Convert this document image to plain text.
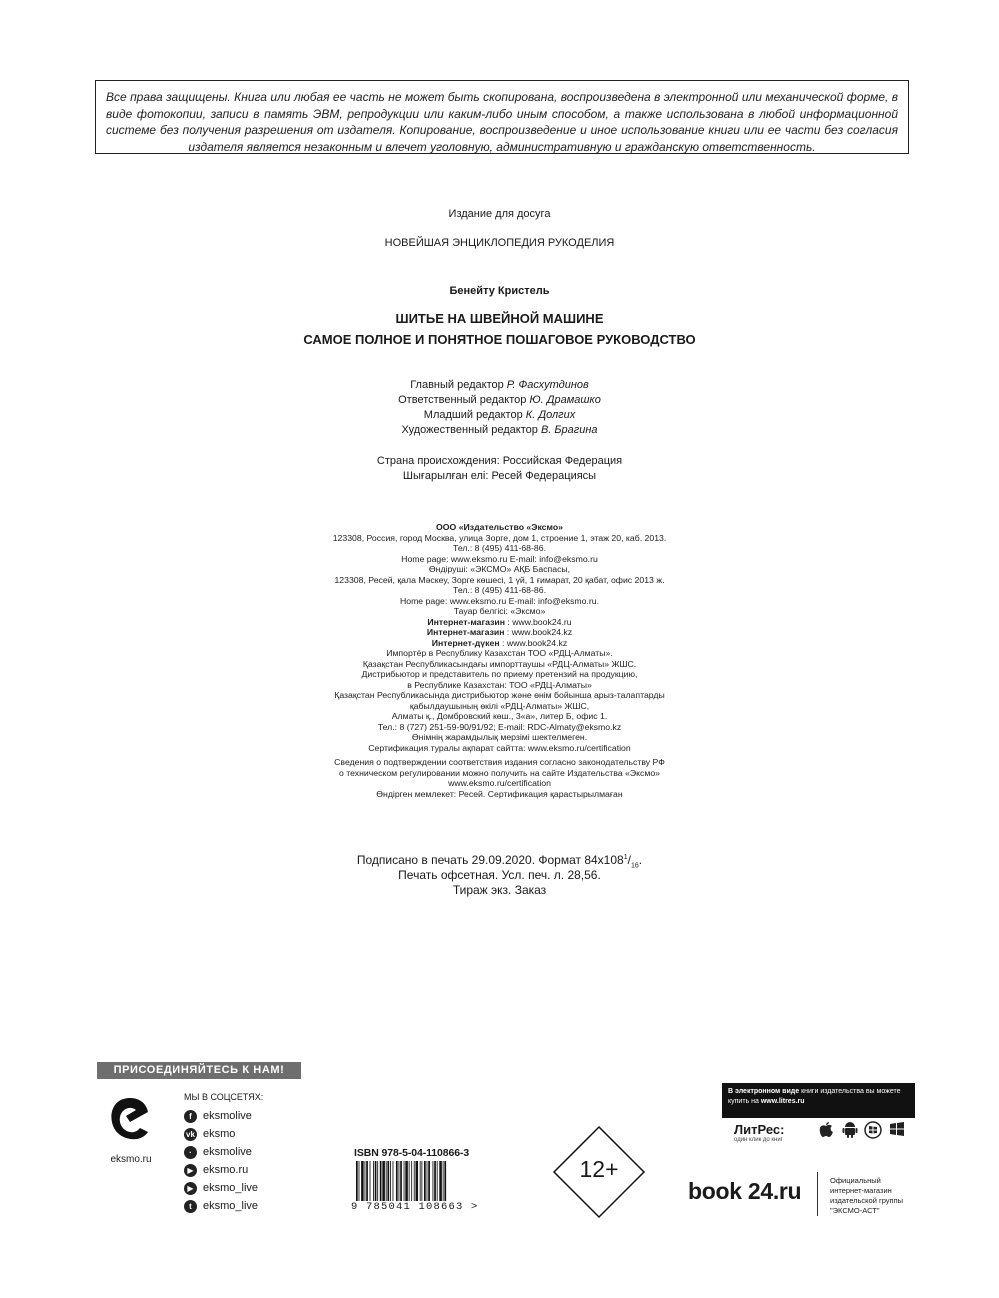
Все права защищены. Книга или любая ее часть не может быть скопирована, воспроизведена в электронной или механической форме, в виде фотокопии, записи в память ЭВМ, репродукции или каким-либо иным способом, а также использована в любой информационной системе без получения разрешения от издателя. Копирование, воспроизведение и иное использование книги или ее части без согласия издателя является незаконным и влечет уголовную, административную и гражданскую ответственность.
Издание для досуга
НОВЕЙШАЯ ЭНЦИКЛОПЕДИЯ РУКОДЕЛИЯ
Бенейту Кристель
ШИТЬЕ НА ШВЕЙНОЙ МАШИНЕ
САМОЕ ПОЛНОЕ И ПОНЯТНОЕ ПОШАГОВОЕ РУКОВОДСТВО
Главный редактор Р. Фасхутдинов
Ответственный редактор Ю. Драмашко
Младший редактор К. Долгих
Художественный редактор В. Брагина
Страна происхождения: Российская Федерация
Шығарылған елі: Ресей Федерациясы
ООО «Издательство «Эксмо»
123308, Россия, город Москва, улица Зорге, дом 1, строение 1, этаж 20, каб. 2013.
Тел.: 8 (495) 411-68-86.
Home page: www.eksmo.ru E-mail: info@eksmo.ru
Өндіруші: «ЭКСМО» АҚБ Баспасы,
123308, Ресей, қала Мәскеу, Зорге көшесі, 1 үй, 1 ғимарат, 20 қабат, офис 2013 ж.
Тел.: 8 (495) 411-68-86.
Home page: www.eksmo.ru E-mail: info@eksmo.ru.
Тауар белгісі: «Эксмо»
Интернет-магазин : www.book24.ru
Интернет-магазин : www.book24.kz
Интернет-дүкен : www.book24.kz
Импортёр в Республику Казахстан ТОО «РДЦ-Алматы».
Қазақстан Республикасындағы импорттаушы «РДЦ-Алматы» ЖШС.
Дистрибьютор и представитель по приему претензий на продукцию,
в Республике Казахстан: ТОО «РДЦ-Алматы»
Қазақстан Республикасында дистрибьютор және өнім бойынша арыз-талаптарды
қабылдаушының өкілі «РДЦ-Алматы» ЖШС,
Алматы қ., Домбровский көш., 3«а», литер Б, офис 1.
Тел.: 8 (727) 251-59-90/91/92; E-mail: RDC-Almaty@eksmo.kz
Өнімнің жарамдылық мерзімі шектелмеген.
Сертификация туралы ақпарат сайтта: www.eksmo.ru/certification
Сведения о подтверждении соответствия издания согласно законодательству РФ
о техническом регулировании можно получить на сайте Издательства «Эксмо»
www.eksmo.ru/certification
Өндірген мемлекет: Ресей. Сертификация қарастырылмаған
Подписано в печать 29.09.2020. Формат $84x108^1/_{16}$.
Печать офсетная. Усл. печ. л. 28,56.
Тираж экз. Заказ
ПРИСОЕДИНЯЙТЕСЬ К НАМ!
eksmo.ru
МЫ В СОЦСЕТЯХ:
f eksmolive
vk eksmo
· eksmolive
▶ eksmo.ru
▶ eksmo_live
t eksmo_live
ISBN 978-5-04-110866-3
9 785041 108663 >
12+
В электронном виде книги издательства вы можете купить на www.litres.ru
ЛитРес:
один клик до книг
book 24.ru	Официальный
интернет-магазин
издательской группы
"ЭКСМО-АСТ"
